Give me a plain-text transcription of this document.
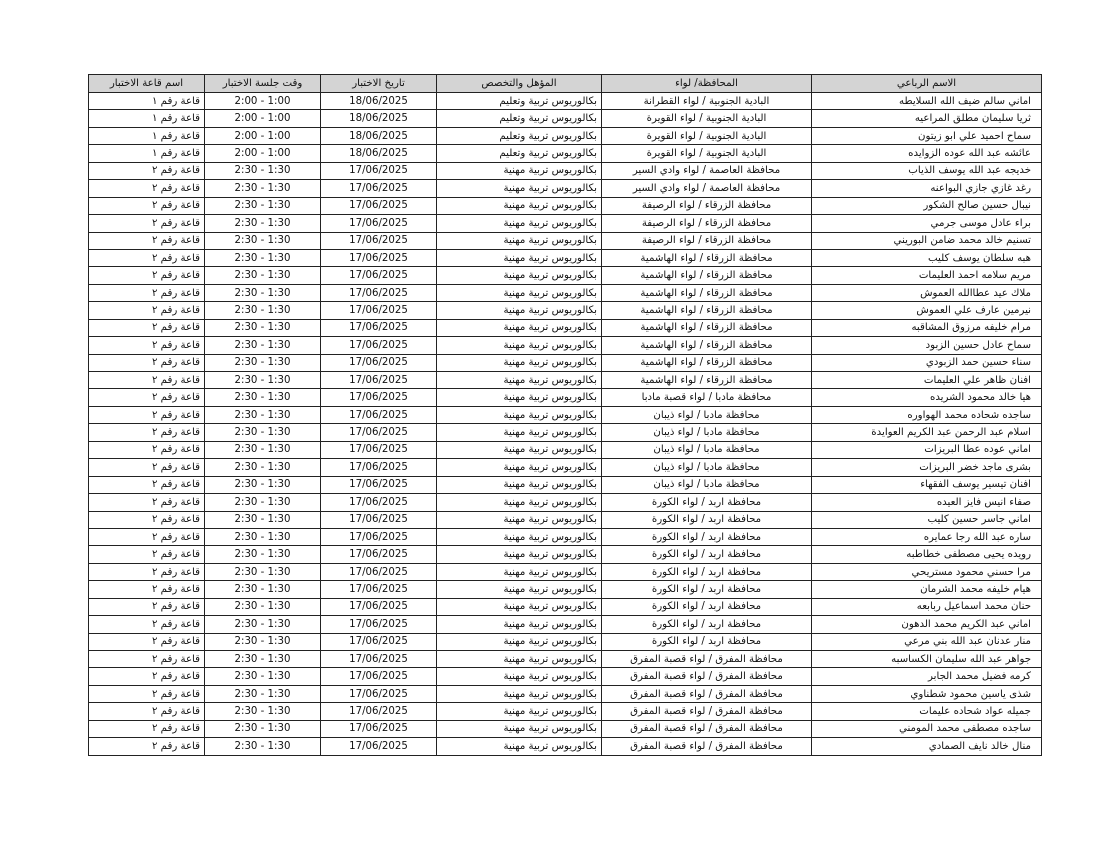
الاسم الرباعي	المحافظة/ لواء	المؤهل والتخصص	تاريخ الاختبار	وقت جلسة الاختبار	اسم قاعة الاختبار
اماني سالم ضيف الله السلايطه	البادية الجنوبية / لواء القطرانة	بكالوريوس تربية وتعليم	18/06/2025	2:00 - 1:00	قاعة رقم ١
ثريا سليمان مطلق المراعيه	البادية الجنوبية / لواء القويرة	بكالوريوس تربية وتعليم	18/06/2025	2:00 - 1:00	قاعة رقم ١
سماح احميد علي ابو زيتون	البادية الجنوبية / لواء القويرة	بكالوريوس تربية وتعليم	18/06/2025	2:00 - 1:00	قاعة رقم ١
عائشه عبد الله عوده الزوايده	البادية الجنوبية / لواء القويرة	بكالوريوس تربية وتعليم	18/06/2025	2:00 - 1:00	قاعة رقم ١
خديجه عبد الله يوسف الذياب	محافظة العاصمة / لواء وادي السير	بكالوريوس تربية مهنية	17/06/2025	2:30 - 1:30	قاعة رقم ٢
رغد غازي جازي البواعنه	محافظة العاصمة / لواء وادي السير	بكالوريوس تربية مهنية	17/06/2025	2:30 - 1:30	قاعة رقم ٢
نيبال حسين صالح الشكور	محافظة الزرقاء / لواء الرصيفة	بكالوريوس تربية مهنية	17/06/2025	2:30 - 1:30	قاعة رقم ٢
براء عادل موسى جرمي	محافظة الزرقاء / لواء الرصيفة	بكالوريوس تربية مهنية	17/06/2025	2:30 - 1:30	قاعة رقم ٢
تسنيم خالد محمد ضامن البوريني	محافظة الزرقاء / لواء الرصيفة	بكالوريوس تربية مهنية	17/06/2025	2:30 - 1:30	قاعة رقم ٢
هبه سلطان يوسف كليب	محافظة الزرقاء / لواء الهاشمية	بكالوريوس تربية مهنية	17/06/2025	2:30 - 1:30	قاعة رقم ٢
مريم سلامه احمد العليمات	محافظة الزرقاء / لواء الهاشمية	بكالوريوس تربية مهنية	17/06/2025	2:30 - 1:30	قاعة رقم ٢
ملاك عيد عطاالله العموش	محافظة الزرقاء / لواء الهاشمية	بكالوريوس تربية مهنية	17/06/2025	2:30 - 1:30	قاعة رقم ٢
نيرمين عارف علي العموش	محافظة الزرقاء / لواء الهاشمية	بكالوريوس تربية مهنية	17/06/2025	2:30 - 1:30	قاعة رقم ٢
مرام خليفه مرزوق المشاقبه	محافظة الزرقاء / لواء الهاشمية	بكالوريوس تربية مهنية	17/06/2025	2:30 - 1:30	قاعة رقم ٢
سماح عادل حسين الزبود	محافظة الزرقاء / لواء الهاشمية	بكالوريوس تربية مهنية	17/06/2025	2:30 - 1:30	قاعة رقم ٢
سناء حسين حمد الزبودي	محافظة الزرقاء / لواء الهاشمية	بكالوريوس تربية مهنية	17/06/2025	2:30 - 1:30	قاعة رقم ٢
افنان ظاهر علي العليمات	محافظة الزرقاء / لواء الهاشمية	بكالوريوس تربية مهنية	17/06/2025	2:30 - 1:30	قاعة رقم ٢
هيا خالد محمود الشريده	محافظة مادبا / لواء قصبة مادبا	بكالوريوس تربية مهنية	17/06/2025	2:30 - 1:30	قاعة رقم ٢
ساجده شحاده محمد الهواوره	محافظة مادبا / لواء ذيبان	بكالوريوس تربية مهنية	17/06/2025	2:30 - 1:30	قاعة رقم ٢
اسلام عبد الرحمن عبد الكريم العوايدة	محافظة مادبا / لواء ذيبان	بكالوريوس تربية مهنية	17/06/2025	2:30 - 1:30	قاعة رقم ٢
اماني عوده عطا البريزات	محافظة مادبا / لواء ذيبان	بكالوريوس تربية مهنية	17/06/2025	2:30 - 1:30	قاعة رقم ٢
بشرى ماجد خضر البريزات	محافظة مادبا / لواء ذيبان	بكالوريوس تربية مهنية	17/06/2025	2:30 - 1:30	قاعة رقم ٢
افنان تيسير يوسف الفقهاء	محافظة مادبا / لواء ذيبان	بكالوريوس تربية مهنية	17/06/2025	2:30 - 1:30	قاعة رقم ٢
صفاء انيس فايز العيده	محافظة اربد / لواء الكورة	بكالوريوس تربية مهنية	17/06/2025	2:30 - 1:30	قاعة رقم ٢
اماني جاسر حسين كليب	محافظة اربد / لواء الكورة	بكالوريوس تربية مهنية	17/06/2025	2:30 - 1:30	قاعة رقم ٢
ساره عبد الله رجا عمايره	محافظة اربد / لواء الكورة	بكالوريوس تربية مهنية	17/06/2025	2:30 - 1:30	قاعة رقم ٢
رويده يحيى مصطفى خطاطبه	محافظة اربد / لواء الكورة	بكالوريوس تربية مهنية	17/06/2025	2:30 - 1:30	قاعة رقم ٢
مرا حسني محمود مستريحي	محافظة اربد / لواء الكورة	بكالوريوس تربية مهنية	17/06/2025	2:30 - 1:30	قاعة رقم ٢
هيام خليفه محمد الشرمان	محافظة اربد / لواء الكورة	بكالوريوس تربية مهنية	17/06/2025	2:30 - 1:30	قاعة رقم ٢
حنان محمد اسماعيل ربابعه	محافظة اربد / لواء الكورة	بكالوريوس تربية مهنية	17/06/2025	2:30 - 1:30	قاعة رقم ٢
اماني عبد الكريم محمد الدهون	محافظة اربد / لواء الكورة	بكالوريوس تربية مهنية	17/06/2025	2:30 - 1:30	قاعة رقم ٢
منار عدنان عبد الله بني مرعي	محافظة اربد / لواء الكورة	بكالوريوس تربية مهنية	17/06/2025	2:30 - 1:30	قاعة رقم ٢
جواهر عبد الله سليمان الكساسبه	محافظة المفرق / لواء قصبة المفرق	بكالوريوس تربية مهنية	17/06/2025	2:30 - 1:30	قاعة رقم ٢
كرمه فضيل محمد الجابر	محافظة المفرق / لواء قصبة المفرق	بكالوريوس تربية مهنية	17/06/2025	2:30 - 1:30	قاعة رقم ٢
شذى ياسين محمود شطناوي	محافظة المفرق / لواء قصبة المفرق	بكالوريوس تربية مهنية	17/06/2025	2:30 - 1:30	قاعة رقم ٢
جميله عواد شحاده عليمات	محافظة المفرق / لواء قصبة المفرق	بكالوريوس تربية مهنية	17/06/2025	2:30 - 1:30	قاعة رقم ٢
ساجده مصطفى محمد المومني	محافظة المفرق / لواء قصبة المفرق	بكالوريوس تربية مهنية	17/06/2025	2:30 - 1:30	قاعة رقم ٢
منال خالد نايف الصمادي	محافظة المفرق / لواء قصبة المفرق	بكالوريوس تربية مهنية	17/06/2025	2:30 - 1:30	قاعة رقم ٢
